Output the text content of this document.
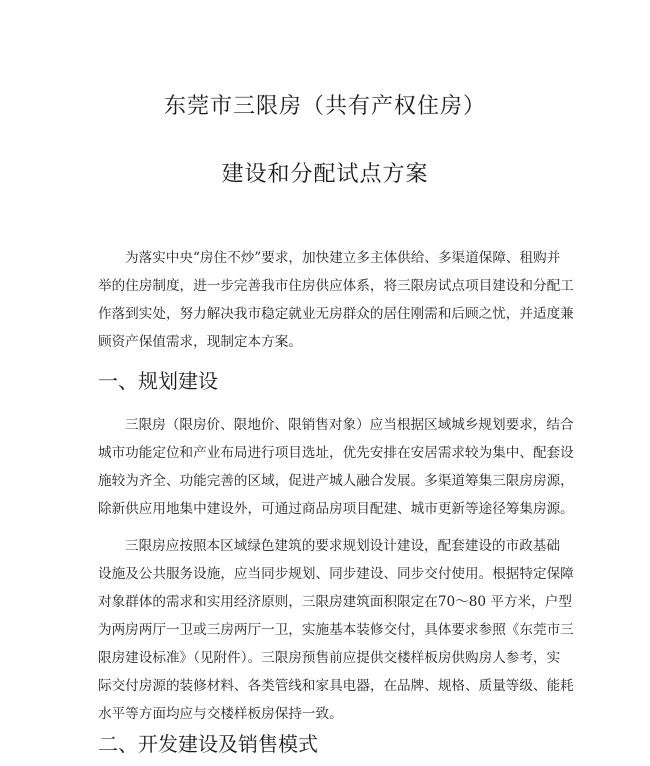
东莞市三限房（共有产权住房）
建设和分配试点方案
为落实中央“房住不炒”要求，加快建立多主体供给、多渠道保障、租购并
举的住房制度，进一步完善我市住房供应体系，将三限房试点项目建设和分配工
作落到实处，努力解决我市稳定就业无房群众的居住刚需和后顾之忧，并适度兼
顾资产保值需求，现制定本方案。
一、规划建设
三限房（限房价、限地价、限销售对象）应当根据区域城乡规划要求，结合
城市功能定位和产业布局进行项目选址，优先安排在安居需求较为集中、配套设
施较为齐全、功能完善的区域，促进产城人融合发展。多渠道筹集三限房房源，
除新供应用地集中建设外，可通过商品房项目配建、城市更新等途径筹集房源。
三限房应按照本区域绿色建筑的要求规划设计建设，配套建设的市政基础
设施及公共服务设施，应当同步规划、同步建设、同步交付使用。根据特定保障
对象群体的需求和实用经济原则，三限房建筑面积限定在70～80 平方米，户型
为两房两厅一卫或三房两厅一卫，实施基本装修交付，具体要求参照《东莞市三
限房建设标准》（见附件）。三限房预售前应提供交楼样板房供购房人参考，实
际交付房源的装修材料、各类管线和家具电器，在品牌、规格、质量等级、能耗
水平等方面均应与交楼样板房保持一致。
二、开发建设及销售模式
